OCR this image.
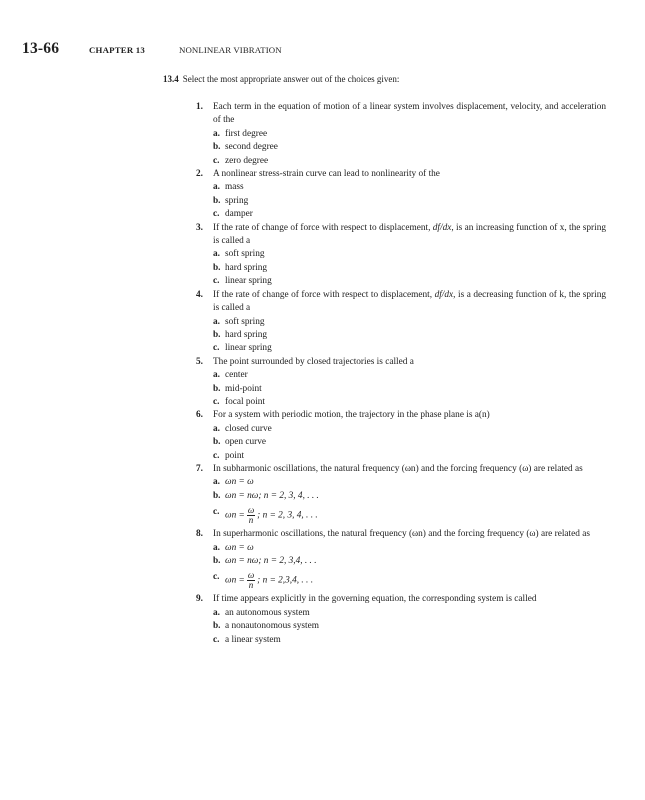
13-66	CHAPTER 13	NONLINEAR VIBRATION
13.4 Select the most appropriate answer out of the choices given:
1.	Each term in the equation of motion of a linear system involves displacement, velocity, and acceleration of the
a. first degree
b. second degree
c. zero degree
2.	A nonlinear stress-strain curve can lead to nonlinearity of the
a. mass
b. spring
c. damper
3.	If the rate of change of force with respect to displacement, df/dx, is an increasing function of x, the spring is called a
a. soft spring
b. hard spring
c. linear spring
4.	If the rate of change of force with respect to displacement, df/dx, is a decreasing function of k, the spring is called a
a. soft spring
b. hard spring
c. linear spring
5.	The point surrounded by closed trajectories is called a
a. center
b. mid-point
c. focal point
6.	For a system with periodic motion, the trajectory in the phase plane is a(n)
a. closed curve
b. open curve
c. point
7.	In subharmonic oscillations, the natural frequency (ωn) and the forcing frequency (ω) are related as
a. ωn = ω
b. ωn = nω; n = 2, 3, 4, . . .
c. $\omega n = \frac{\omega}{n}$ ; n = 2, 3, 4, . . .
8.	In superharmonic oscillations, the natural frequency (ωn) and the forcing frequency (ω) are related as
a. ωn = ω
b. ωn = nω; n = 2, 3,4, . . .
c. $\omega n = \frac{\omega}{n}$ ; n = 2,3,4, . . .
9.	If time appears explicitly in the governing equation, the corresponding system is called
a. an autonomous system
b. a nonautonomous system
c. a linear system
